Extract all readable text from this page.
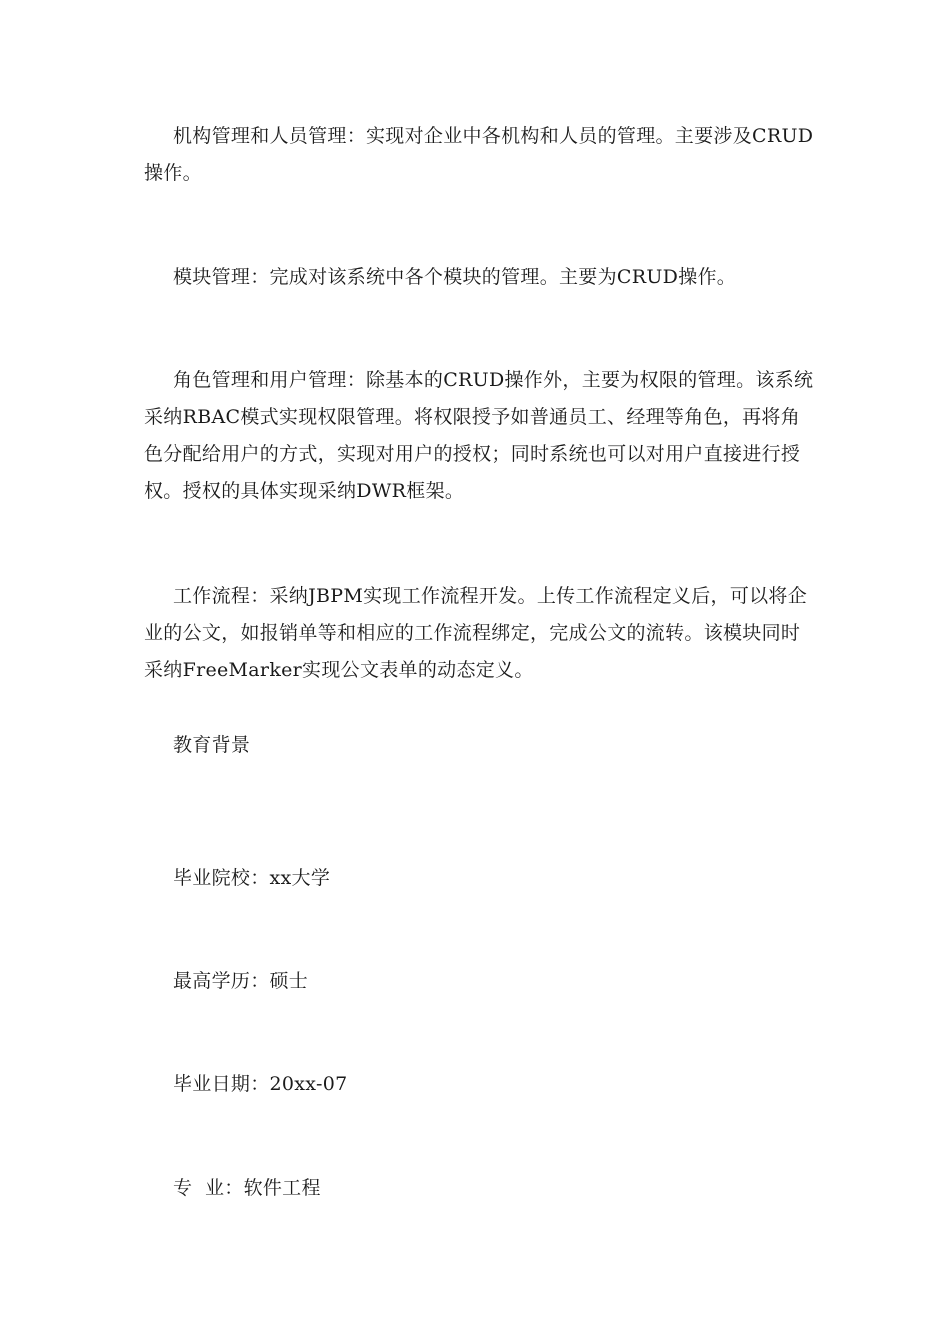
机构管理和人员管理：实现对企业中各机构和人员的管理。主要涉及CRUD操作。

模块管理：完成对该系统中各个模块的管理。主要为CRUD操作。

角色管理和用户管理：除基本的CRUD操作外，主要为权限的管理。该系统采纳RBAC模式实现权限管理。将权限授予如普通员工、经理等角色，再将角色分配给用户的方式，实现对用户的授权；同时系统也可以对用户直接进行授权。授权的具体实现采纳DWR框架。

工作流程：采纳JBPM实现工作流程开发。上传工作流程定义后，可以将企业的公文，如报销单等和相应的工作流程绑定，完成公文的流转。该模块同时采纳FreeMarker实现公文表单的动态定义。

教育背景

毕业院校：xx大学

最高学历：硕士

毕业日期：20xx-07

专  业：软件工程
